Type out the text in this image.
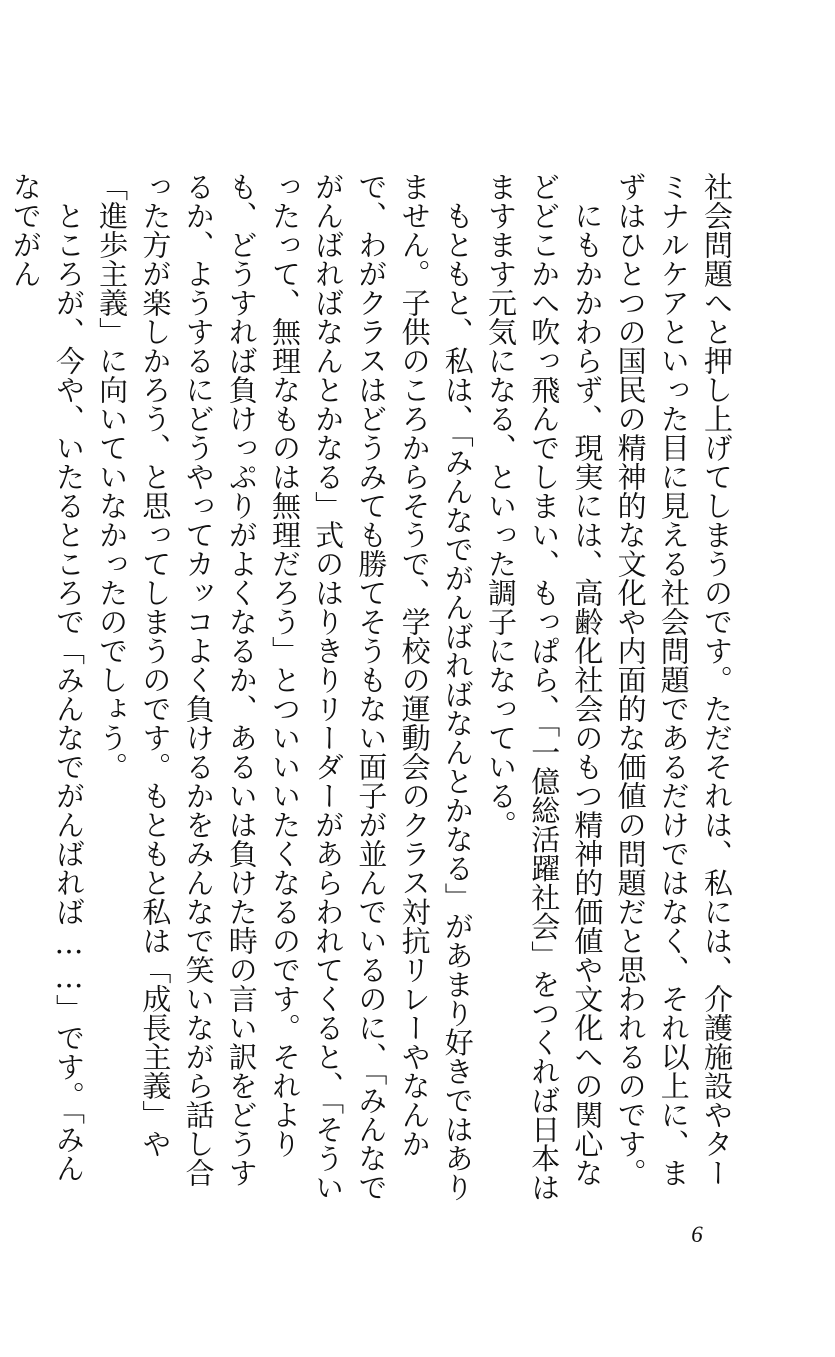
社会問題へと押し上げてしまうのです。ただそれは、私には、介護施設やターミナルケアといった目に見える社会問題であるだけではなく、それ以上に、まずはひとつの国民の精神的な文化や内面的な価値の問題だと思われるのです。

にもかかわらず、現実には、高齢化社会のもつ精神的価値や文化への関心などどこかへ吹っ飛んでしまい、もっぱら、「一億総活躍社会」をつくれば日本はますます元気になる、といった調子になっている。

もともと、私は、「みんなでがんばればなんとかなる」があまり好きではありません。子供のころからそうで、学校の運動会のクラス対抗リレーやなんかで、わがクラスはどうみても勝てそうもない面子が並んでいるのに、「みんなでがんばればなんとかなる」式のはりきりリーダーがあらわれてくると、「そういったって、無理なものは無理だろう」とついいいたくなるのです。それよりも、どうすれば負けっぷりがよくなるか、あるいは負けた時の言い訳をどうするか、ようするにどうやってカッコよく負けるかをみんなで笑いながら話し合った方が楽しかろう、と思ってしまうのです。もともと私は「成長主義」や「進歩主義」に向いていなかったのでしょう。

ところが、今や、いたるところで「みんなでがんばれば……」です。「みんなでがん

6
